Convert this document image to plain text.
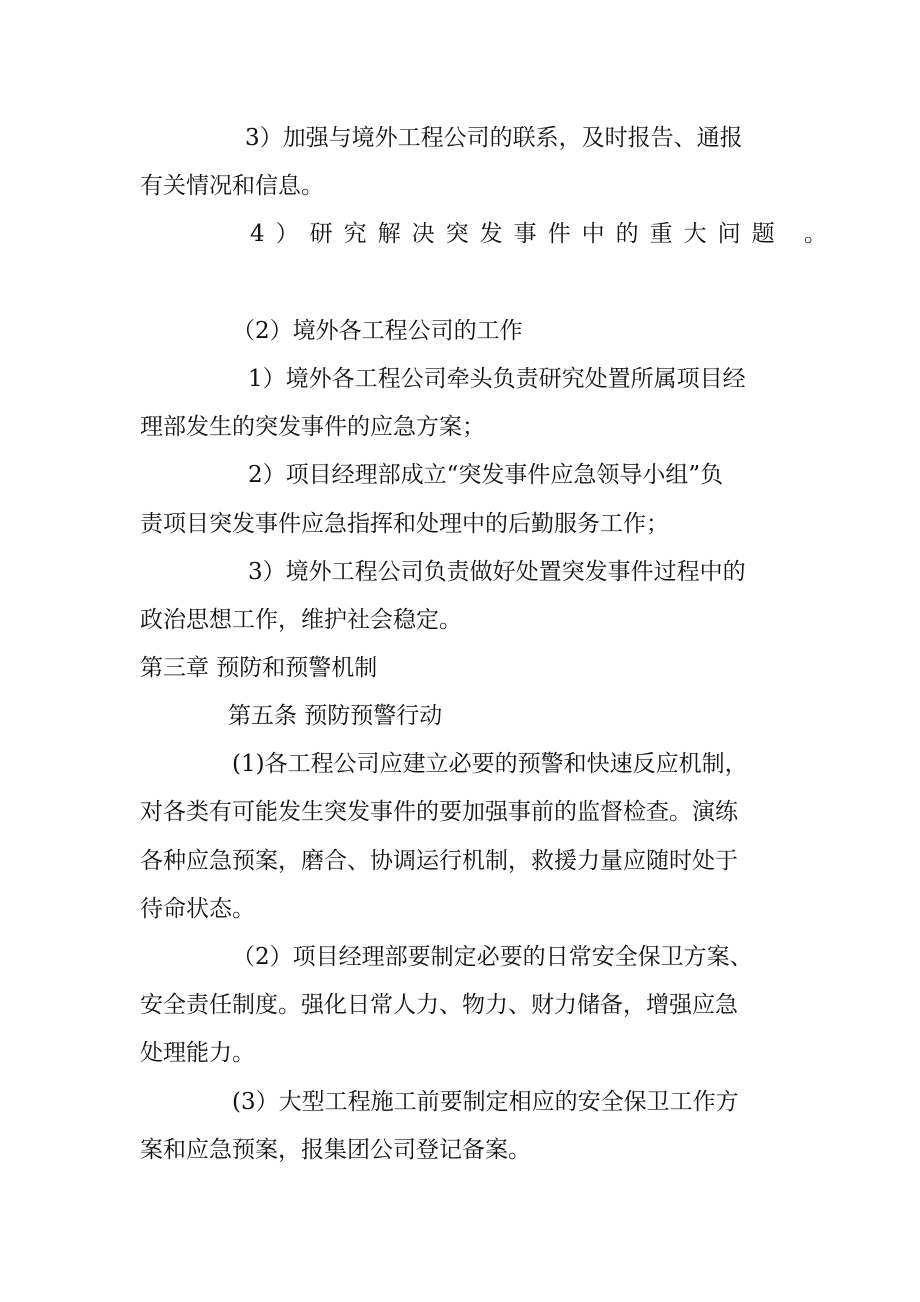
3）加强与境外工程公司的联系，及时报告、通报

有关情况和信息。

4）研究解决突发事件中的重大问题 。

（2）境外各工程公司的工作

1）境外各工程公司牵头负责研究处置所属项目经

理部发生的突发事件的应急方案；

2）项目经理部成立“突发事件应急领导小组”负

责项目突发事件应急指挥和处理中的后勤服务工作；

3）境外工程公司负责做好处置突发事件过程中的

政治思想工作，维护社会稳定。

第三章 预防和预警机制

第五条 预防预警行动

(1)各工程公司应建立必要的预警和快速反应机制，

对各类有可能发生突发事件的要加强事前的监督检查。演练

各种应急预案，磨合、协调运行机制，救援力量应随时处于

待命状态。

（2）项目经理部要制定必要的日常安全保卫方案、

安全责任制度。强化日常人力、物力、财力储备，增强应急

处理能力。

(3）大型工程施工前要制定相应的安全保卫工作方

案和应急预案，报集团公司登记备案。
